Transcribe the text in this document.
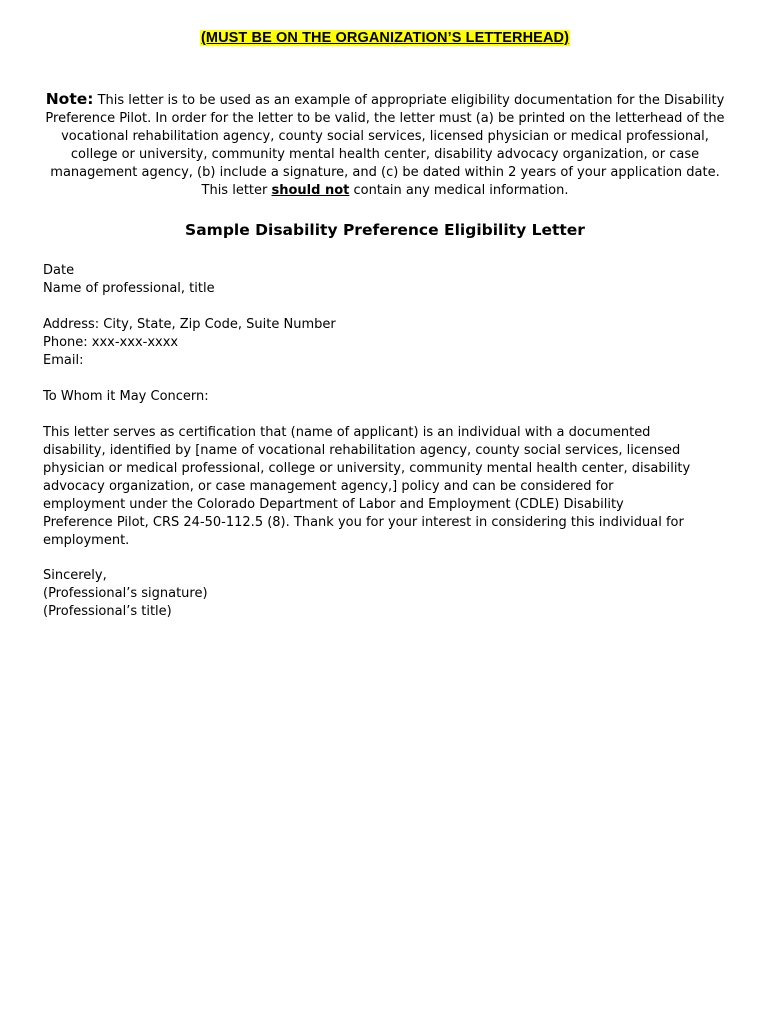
(MUST BE ON THE ORGANIZATION’S LETTERHEAD)
Note: This letter is to be used as an example of appropriate eligibility documentation for the Disability Preference Pilot. In order for the letter to be valid, the letter must (a) be printed on the letterhead of the vocational rehabilitation agency, county social services, licensed physician or medical professional, college or university, community mental health center, disability advocacy organization, or case management agency, (b) include a signature, and (c) be dated within 2 years of your application date. This letter should not contain any medical information.
Sample Disability Preference Eligibility Letter
Date
Name of professional, title
Address: City, State, Zip Code, Suite Number
Phone: xxx-xxx-xxxx
Email:
To Whom it May Concern:
This letter serves as certification that (name of applicant) is an individual with a documented
disability, identified by [name of vocational rehabilitation agency, county social services, licensed
physician or medical professional, college or university, community mental health center, disability
advocacy organization, or case management agency,] policy and can be considered for
employment under the Colorado Department of Labor and Employment (CDLE) Disability
Preference Pilot, CRS 24-50-112.5 (8). Thank you for your interest in considering this individual for
employment.
Sincerely,
(Professional’s signature)
(Professional’s title)
